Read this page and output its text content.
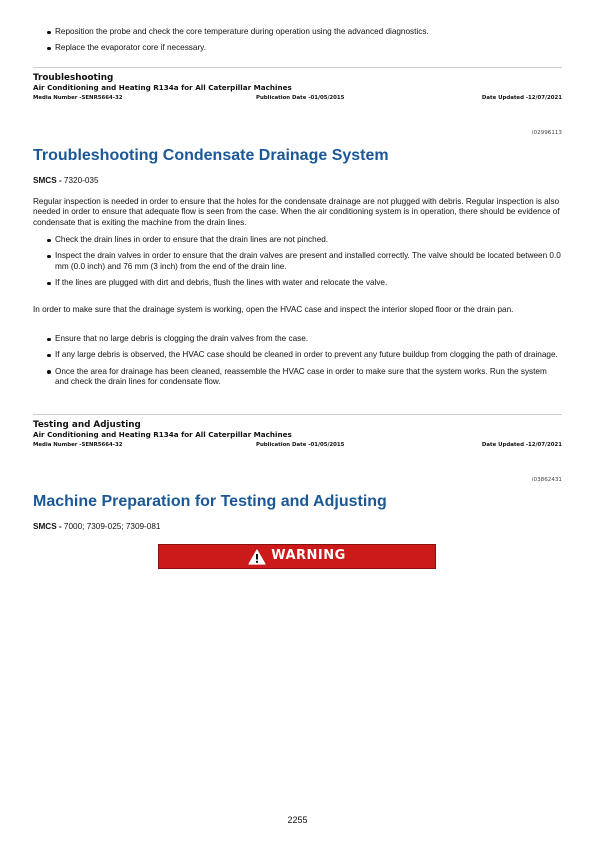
Reposition the probe and check the core temperature during operation using the advanced diagnostics.
Replace the evaporator core if necessary.
Troubleshooting
Air Conditioning and Heating R134a for All Caterpillar Machines
Media Number -SENR5664-32	Publication Date -01/05/2015	Date Updated -12/07/2021
i02996113
Troubleshooting Condensate Drainage System
SMCS - 7320-035

Regular inspection is needed in order to ensure that the holes for the condensate drainage are not plugged with debris. Regular inspection is also needed in order to ensure that adequate flow is seen from the case. When the air conditioning system is in operation, there should be evidence of condensate that is exiting the machine from the drain lines.

Check the drain lines in order to ensure that the drain lines are not pinched.
Inspect the drain valves in order to ensure that the drain valves are present and installed correctly. The valve should be located between 0.0 mm (0.0 inch) and 76 mm (3 inch) from the end of the drain line.
If the lines are plugged with dirt and debris, flush the lines with water and relocate the valve.

In order to make sure that the drainage system is working, open the HVAC case and inspect the interior sloped floor or the drain pan.

Ensure that no large debris is clogging the drain valves from the case.
If any large debris is observed, the HVAC case should be cleaned in order to prevent any future buildup from clogging the path of drainage.
Once the area for drainage has been cleaned, reassemble the HVAC case in order to make sure that the system works. Run the system and check the drain lines for condensate flow.
Testing and Adjusting
Air Conditioning and Heating R134a for All Caterpillar Machines
Media Number -SENR5664-32	Publication Date -01/05/2015	Date Updated -12/07/2021
i03862431
Machine Preparation for Testing and Adjusting
SMCS - 7000; 7309-025; 7309-081
WARNING
2255
